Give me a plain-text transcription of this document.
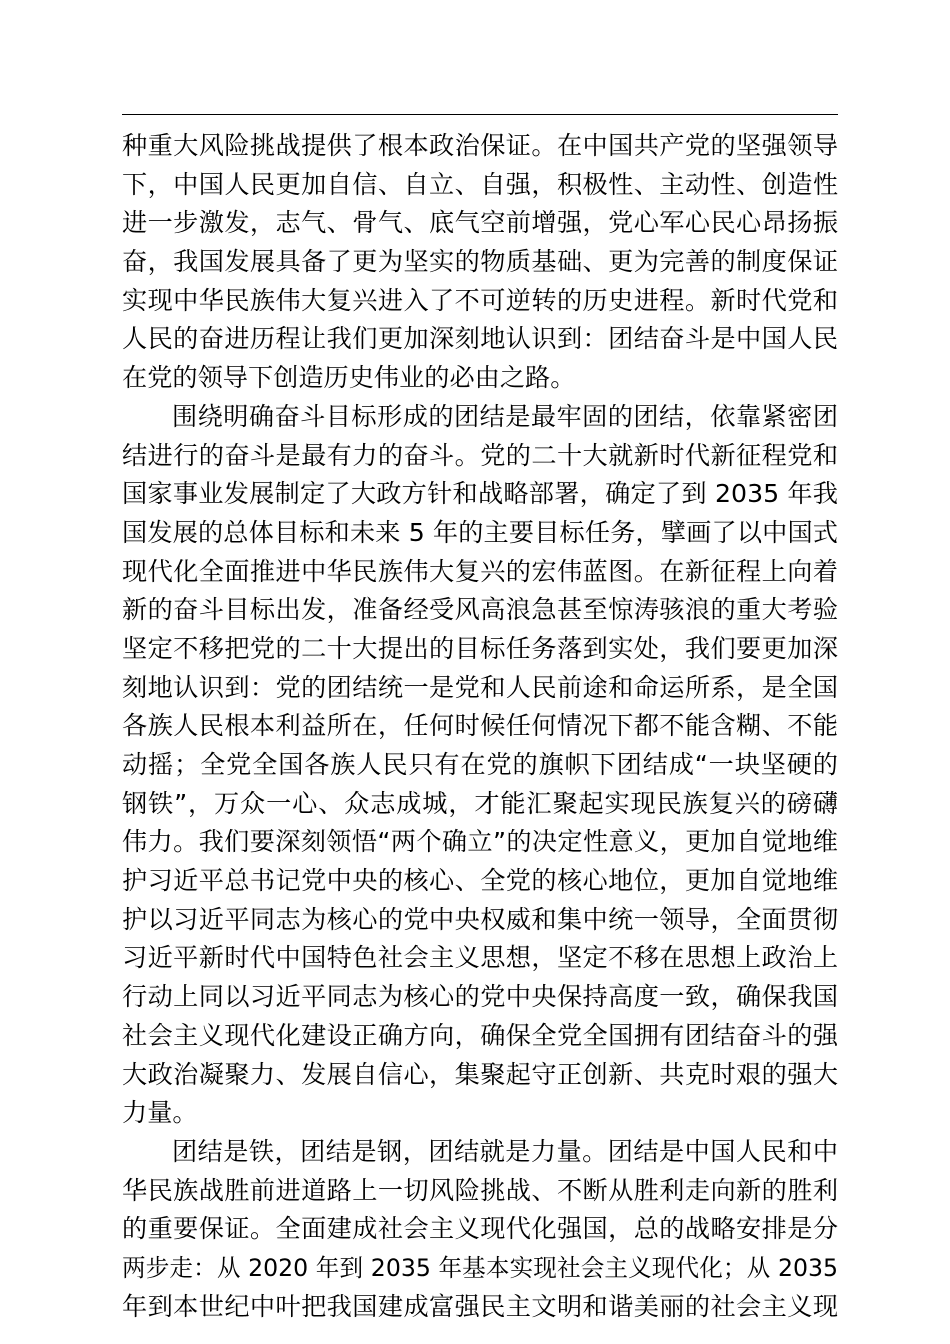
种重大风险挑战提供了根本政治保证。在中国共产党的坚强领导
下，中国人民更加自信、自立、自强，积极性、主动性、创造性
进一步激发，志气、骨气、底气空前增强，党心军心民心昂扬振
奋，我国发展具备了更为坚实的物质基础、更为完善的制度保证
实现中华民族伟大复兴进入了不可逆转的历史进程。新时代党和
人民的奋进历程让我们更加深刻地认识到：团结奋斗是中国人民
在党的领导下创造历史伟业的必由之路。
围绕明确奋斗目标形成的团结是最牢固的团结，依靠紧密团
结进行的奋斗是最有力的奋斗。党的二十大就新时代新征程党和
国家事业发展制定了大政方针和战略部署，确定了到 2035 年我
国发展的总体目标和未来 5 年的主要目标任务，擘画了以中国式
现代化全面推进中华民族伟大复兴的宏伟蓝图。在新征程上向着
新的奋斗目标出发，准备经受风高浪急甚至惊涛骇浪的重大考验
坚定不移把党的二十大提出的目标任务落到实处，我们要更加深
刻地认识到：党的团结统一是党和人民前途和命运所系，是全国
各族人民根本利益所在，任何时候任何情况下都不能含糊、不能
动摇；全党全国各族人民只有在党的旗帜下团结成“一块坚硬的
钢铁”，万众一心、众志成城，才能汇聚起实现民族复兴的磅礴
伟力。我们要深刻领悟“两个确立”的决定性意义，更加自觉地维
护习近平总书记党中央的核心、全党的核心地位，更加自觉地维
护以习近平同志为核心的党中央权威和集中统一领导，全面贯彻
习近平新时代中国特色社会主义思想，坚定不移在思想上政治上
行动上同以习近平同志为核心的党中央保持高度一致，确保我国
社会主义现代化建设正确方向，确保全党全国拥有团结奋斗的强
大政治凝聚力、发展自信心，集聚起守正创新、共克时艰的强大
力量。
团结是铁，团结是钢，团结就是力量。团结是中国人民和中
华民族战胜前进道路上一切风险挑战、不断从胜利走向新的胜利
的重要保证。全面建成社会主义现代化强国，总的战略安排是分
两步走：从 2020 年到 2035 年基本实现社会主义现代化；从 2035
年到本世纪中叶把我国建成富强民主文明和谐美丽的社会主义现
